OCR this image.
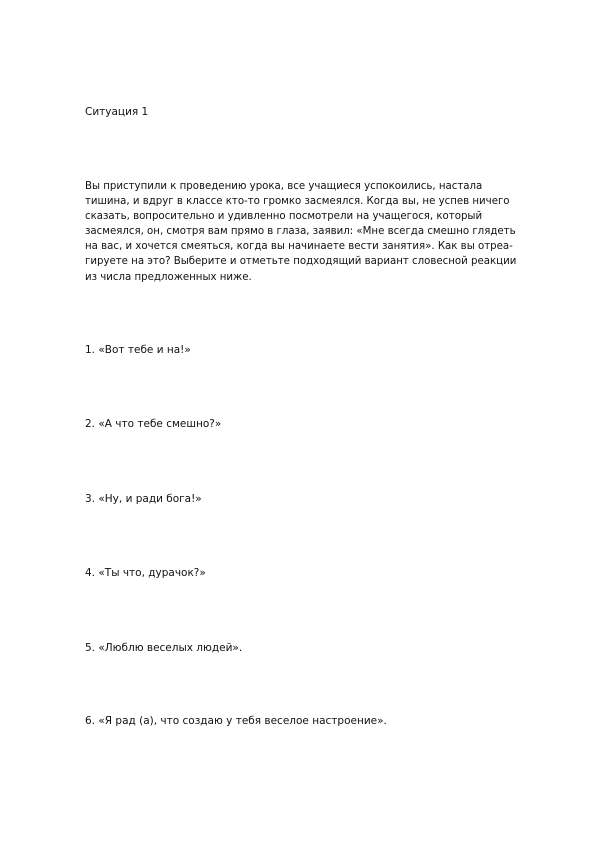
Ситуация 1
Вы приступили к проведению урока, все учащиеся успокоились, настала
тишина, и вдруг в классе кто-то громко засмеялся. Когда вы, не успев ничего
сказать, вопросительно и удивленно посмотрели на учащегося, который
засмеялся, он, смотря вам прямо в глаза, заявил: «Мне всегда смешно глядеть
на вас, и хочется смеяться, когда вы начинаете вести занятия». Как вы отреа-
гируете на это? Выберите и отметьте подходящий вариант словесной реакции
из числа предложенных ниже.
1. «Вот тебе и на!»
2. «А что тебе смешно?»
3. «Ну, и ради бога!»
4. «Ты что, дурачок?»
5. «Люблю веселых людей».
6. «Я рад (а), что создаю у тебя веселое настроение».
